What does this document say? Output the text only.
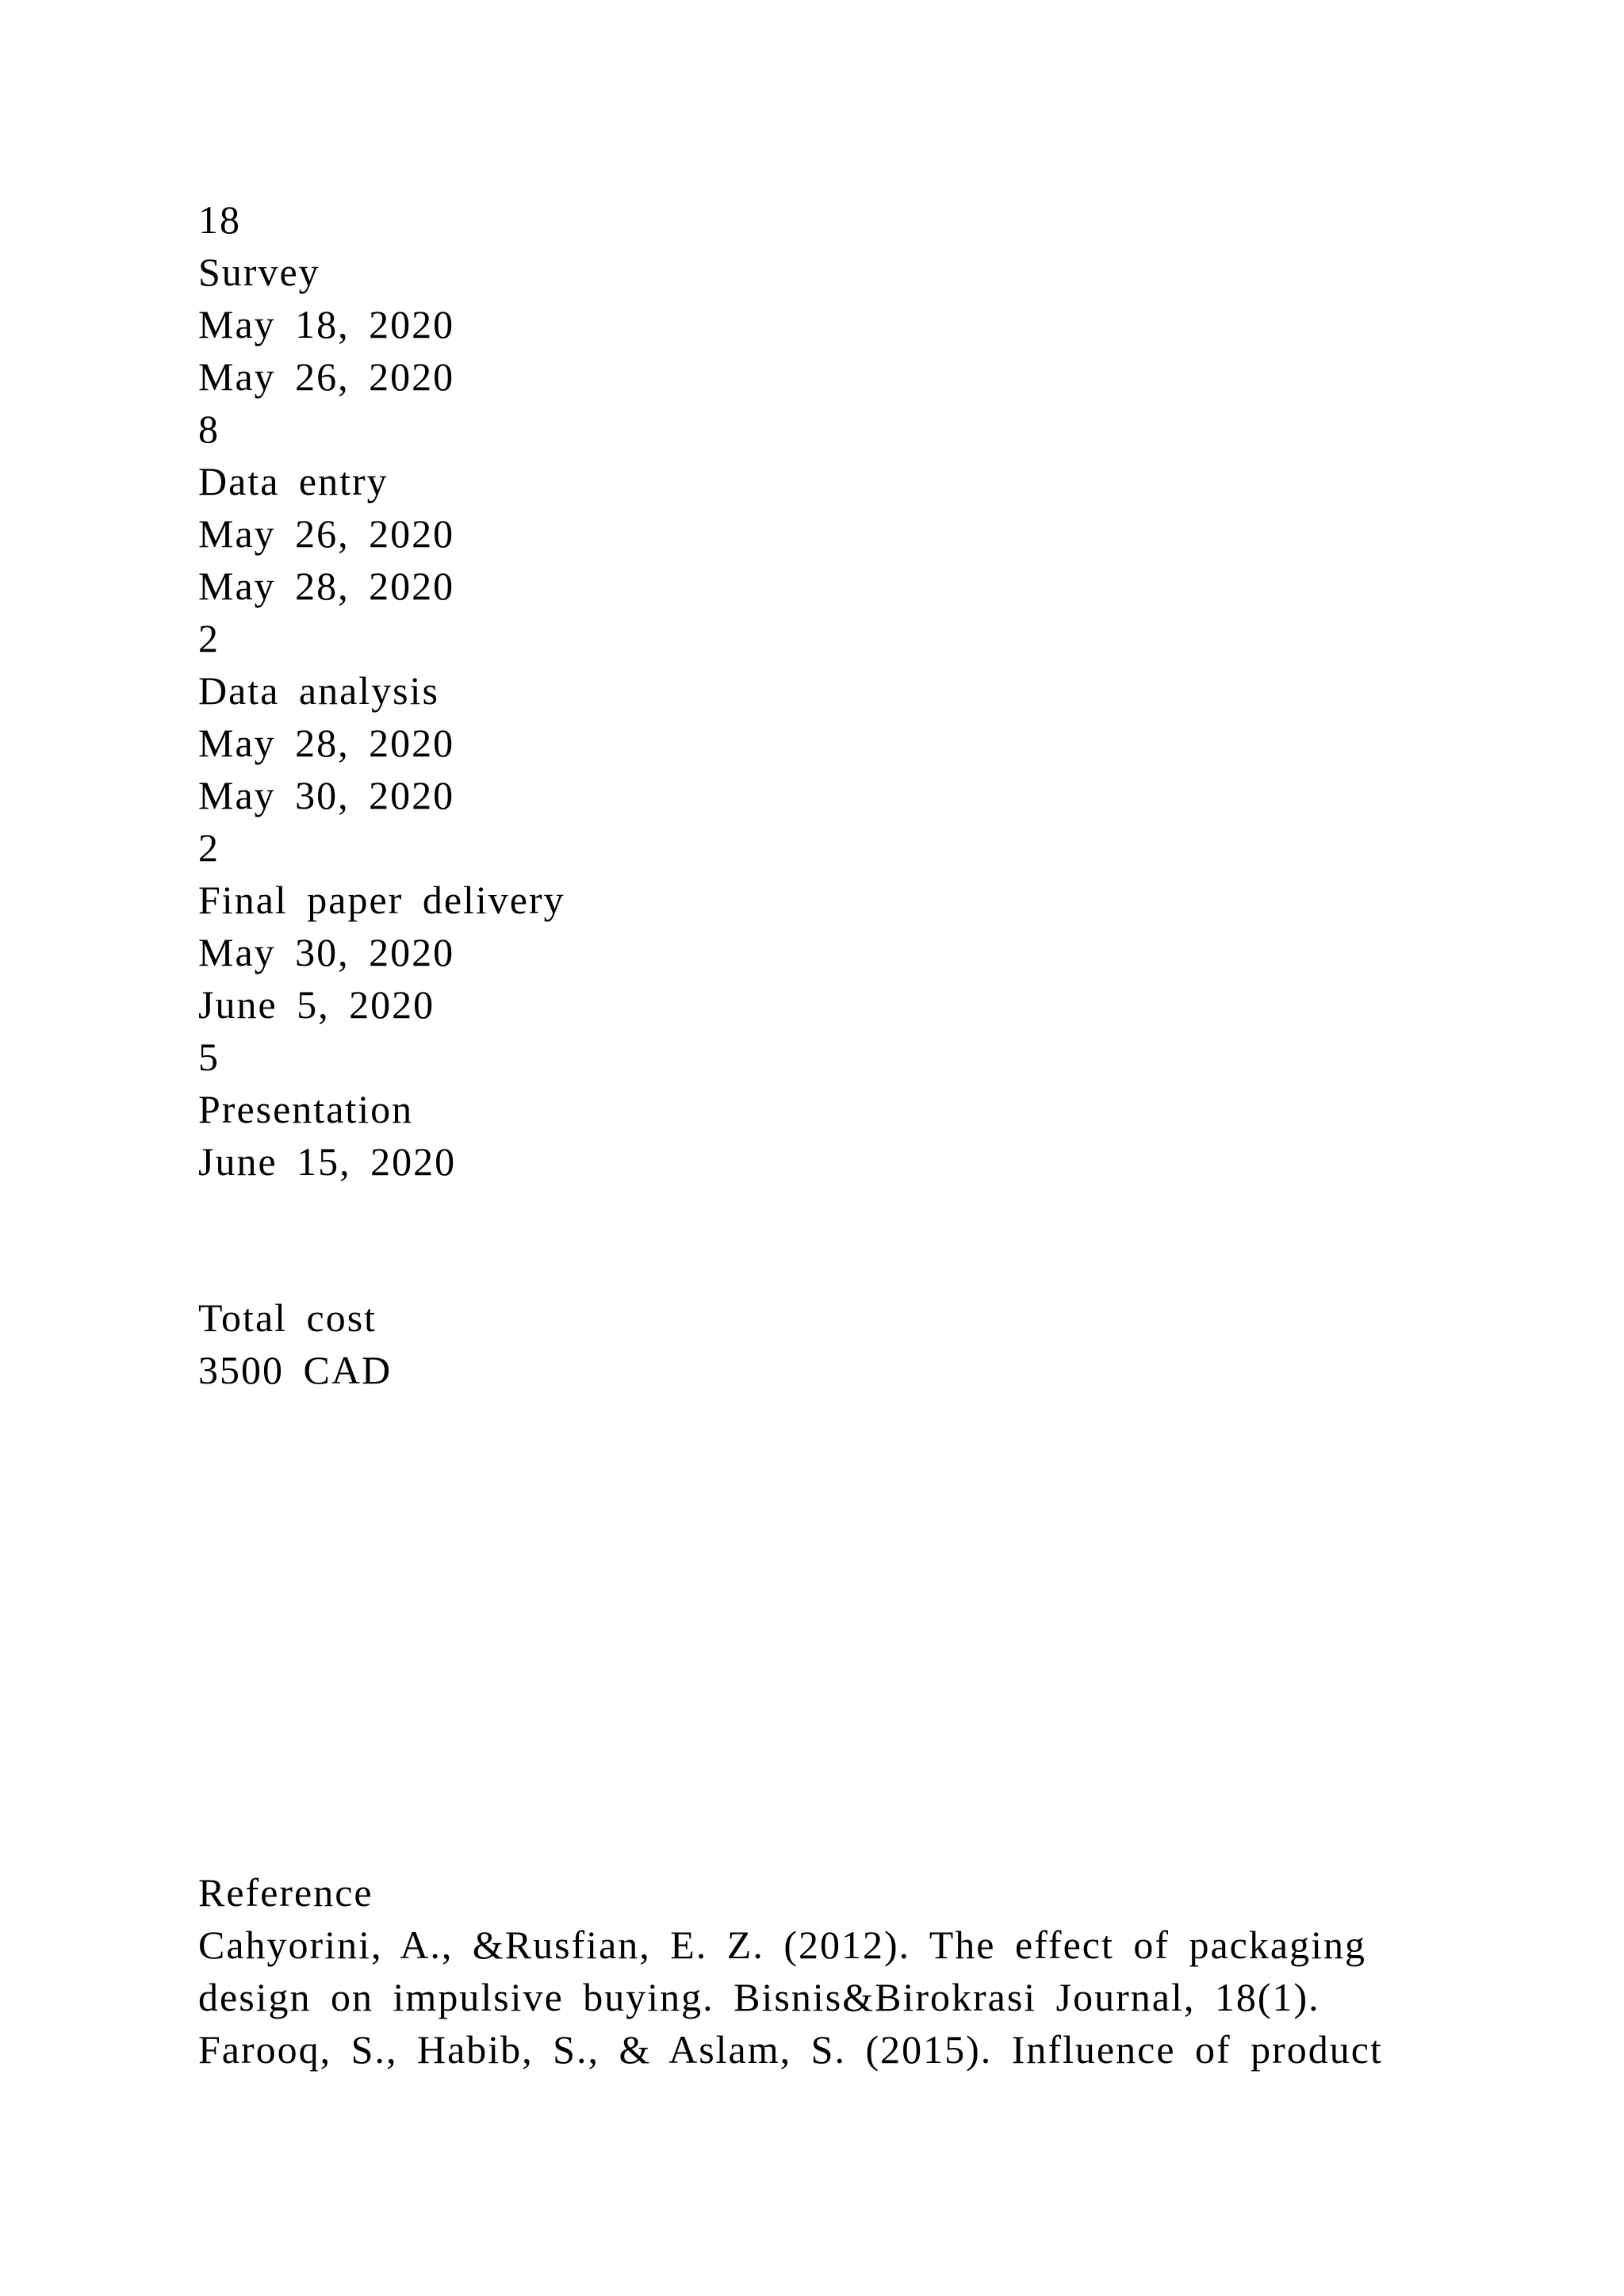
18

Survey

May 18, 2020

May 26, 2020

8

Data entry

May 26, 2020

May 28, 2020

2

Data analysis

May 28, 2020

May 30, 2020

2

Final paper delivery

May 30, 2020

June 5, 2020

5

Presentation

June 15, 2020

Total cost

3500 CAD

Reference

Cahyorini, A., &Rusfian, E. Z. (2012). The effect of packaging

design on impulsive buying. Bisnis&Birokrasi Journal, 18(1).

Farooq, S., Habib, S., & Aslam, S. (2015). Influence of product
